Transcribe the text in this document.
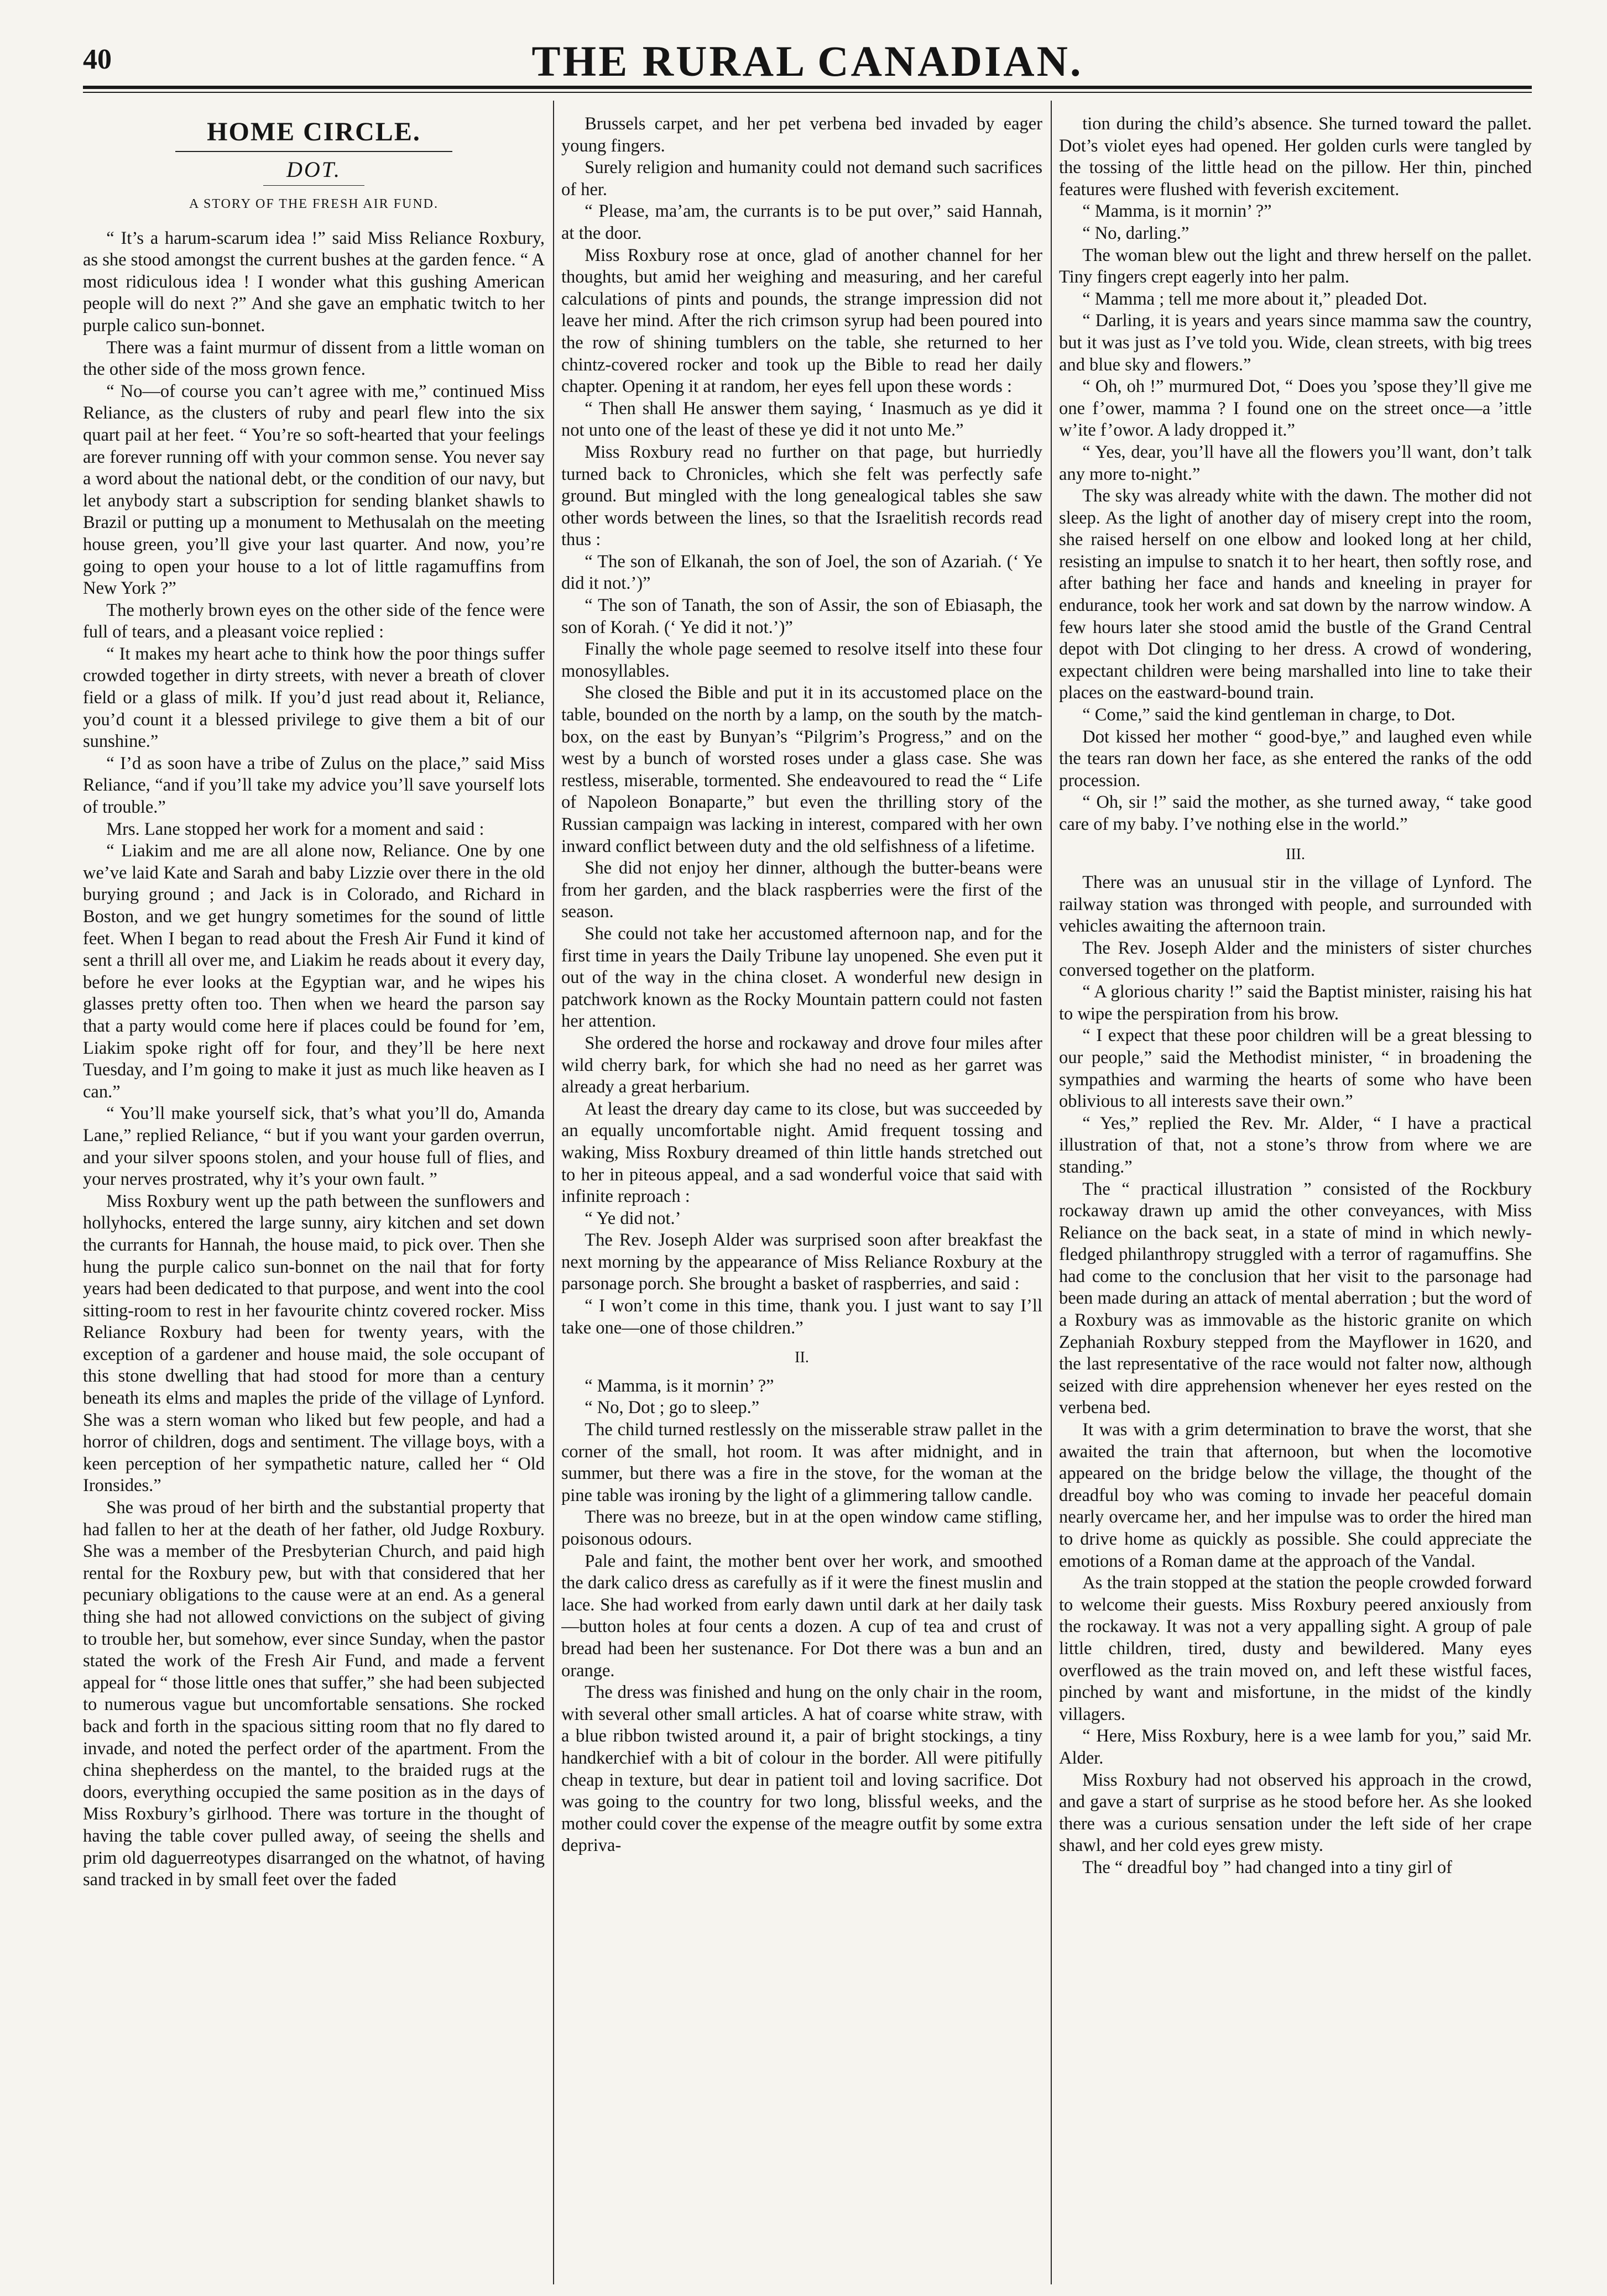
40	THE RURAL CANADIAN.
HOME CIRCLE.
DOT.
A STORY OF THE FRESH AIR FUND.

“ It’s a harum-scarum idea !” said Miss Reliance Roxbury, as she stood amongst the current bushes at the garden fence. “ A most ridiculous idea ! I wonder what this gushing American people will do next ?” And she gave an emphatic twitch to her purple calico sun-bonnet.

There was a faint murmur of dissent from a little woman on the other side of the moss grown fence.

“ No—of course you can’t agree with me,” continued Miss Reliance, as the clusters of ruby and pearl flew into the six quart pail at her feet. “ You’re so soft-hearted that your feelings are forever running off with your common sense. You never say a word about the national debt, or the condition of our navy, but let anybody start a subscription for sending blanket shawls to Brazil or putting up a monument to Methusalah on the meeting house green, you’ll give your last quarter. And now, you’re going to open your house to a lot of little ragamuffins from New York ?”

The motherly brown eyes on the other side of the fence were full of tears, and a pleasant voice replied :

“ It makes my heart ache to think how the poor things suffer crowded together in dirty streets, with never a breath of clover field or a glass of milk. If you’d just read about it, Reliance, you’d count it a blessed privilege to give them a bit of our sunshine.”

“ I’d as soon have a tribe of Zulus on the place,” said Miss Reliance, “and if you’ll take my advice you’ll save yourself lots of trouble.”

Mrs. Lane stopped her work for a moment and said :

“ Liakim and me are all alone now, Reliance. One by one we’ve laid Kate and Sarah and baby Lizzie over there in the old burying ground ; and Jack is in Colorado, and Richard in Boston, and we get hungry sometimes for the sound of little feet. When I began to read about the Fresh Air Fund it kind of sent a thrill all over me, and Liakim he reads about it every day, before he ever looks at the Egyptian war, and he wipes his glasses pretty often too. Then when we heard the parson say that a party would come here if places could be found for ’em, Liakim spoke right off for four, and they’ll be here next Tuesday, and I’m going to make it just as much like heaven as I can.”

“ You’ll make yourself sick, that’s what you’ll do, Amanda Lane,” replied Reliance, “ but if you want your garden overrun, and your silver spoons stolen, and your house full of flies, and your nerves prostrated, why it’s your own fault. ”

Miss Roxbury went up the path between the sunflowers and hollyhocks, entered the large sunny, airy kitchen and set down the currants for Hannah, the house maid, to pick over. Then she hung the purple calico sun-bonnet on the nail that for forty years had been dedicated to that purpose, and went into the cool sitting-room to rest in her favourite chintz covered rocker. Miss Reliance Roxbury had been for twenty years, with the exception of a gardener and house maid, the sole occupant of this stone dwelling that had stood for more than a century beneath its elms and maples the pride of the village of Lynford. She was a stern woman who liked but few people, and had a horror of children, dogs and sentiment. The village boys, with a keen perception of her sympathetic nature, called her “ Old Ironsides.”

She was proud of her birth and the substantial property that had fallen to her at the death of her father, old Judge Roxbury. She was a member of the Presbyterian Church, and paid high rental for the Roxbury pew, but with that considered that her pecuniary obligations to the cause were at an end. As a general thing she had not allowed convictions on the subject of giving to trouble her, but somehow, ever since Sunday, when the pastor stated the work of the Fresh Air Fund, and made a fervent appeal for “ those little ones that suffer,” she had been subjected to numerous vague but uncomfortable sensations. She rocked back and forth in the spacious sitting room that no fly dared to invade, and noted the perfect order of the apartment. From the china shepherdess on the mantel, to the braided rugs at the doors, everything occupied the same position as in the days of Miss Roxbury’s girlhood. There was torture in the thought of having the table cover pulled away, of seeing the shells and prim old daguerreotypes disarranged on the whatnot, of having sand tracked in by small feet over the faded

Brussels carpet, and her pet verbena bed invaded by eager young fingers.

Surely religion and humanity could not demand such sacrifices of her.

“ Please, ma’am, the currants is to be put over,” said Hannah, at the door.

Miss Roxbury rose at once, glad of another channel for her thoughts, but amid her weighing and measuring, and her careful calculations of pints and pounds, the strange impression did not leave her mind. After the rich crimson syrup had been poured into the row of shining tumblers on the table, she returned to her chintz-covered rocker and took up the Bible to read her daily chapter. Opening it at random, her eyes fell upon these words :

“ Then shall He answer them saying, ‘ Inasmuch as ye did it not unto one of the least of these ye did it not unto Me.”

Miss Roxbury read no further on that page, but hurriedly turned back to Chronicles, which she felt was perfectly safe ground. But mingled with the long genealogical tables she saw other words between the lines, so that the Israelitish records read thus :

“ The son of Elkanah, the son of Joel, the son of Azariah. (‘ Ye did it not.’)”

“ The son of Tanath, the son of Assir, the son of Ebiasaph, the son of Korah. (‘ Ye did it not.’)”

Finally the whole page seemed to resolve itself into these four monosyllables.

She closed the Bible and put it in its accustomed place on the table, bounded on the north by a lamp, on the south by the match-box, on the east by Bunyan’s “Pilgrim’s Progress,” and on the west by a bunch of worsted roses under a glass case. She was restless, miserable, tormented. She endeavoured to read the “ Life of Napoleon Bonaparte,” but even the thrilling story of the Russian campaign was lacking in interest, compared with her own inward conflict between duty and the old selfishness of a lifetime.

She did not enjoy her dinner, although the butter-beans were from her garden, and the black raspberries were the first of the season.

She could not take her accustomed afternoon nap, and for the first time in years the Daily Tribune lay unopened. She even put it out of the way in the china closet. A wonderful new design in patchwork known as the Rocky Mountain pattern could not fasten her attention.

She ordered the horse and rockaway and drove four miles after wild cherry bark, for which she had no need as her garret was already a great herbarium.

At least the dreary day came to its close, but was succeeded by an equally uncomfortable night. Amid frequent tossing and waking, Miss Roxbury dreamed of thin little hands stretched out to her in piteous appeal, and a sad wonderful voice that said with infinite reproach :

“ Ye did not.’

The Rev. Joseph Alder was surprised soon after breakfast the next morning by the appearance of Miss Reliance Roxbury at the parsonage porch. She brought a basket of raspberries, and said :

“ I won’t come in this time, thank you. I just want to say I’ll take one—one of those children.”

II.

“ Mamma, is it mornin’ ?”

“ No, Dot ; go to sleep.”

The child turned restlessly on the misserable straw pallet in the corner of the small, hot room. It was after midnight, and in summer, but there was a fire in the stove, for the woman at the pine table was ironing by the light of a glimmering tallow candle.

There was no breeze, but in at the open window came stifling, poisonous odours.

Pale and faint, the mother bent over her work, and smoothed the dark calico dress as carefully as if it were the finest muslin and lace. She had worked from early dawn until dark at her daily task—button holes at four cents a dozen. A cup of tea and crust of bread had been her sustenance. For Dot there was a bun and an orange.

The dress was finished and hung on the only chair in the room, with several other small articles. A hat of coarse white straw, with a blue ribbon twisted around it, a pair of bright stockings, a tiny handkerchief with a bit of colour in the border. All were pitifully cheap in texture, but dear in patient toil and loving sacrifice. Dot was going to the country for two long, blissful weeks, and the mother could cover the expense of the meagre outfit by some extra depriva-

tion during the child’s absence. She turned toward the pallet. Dot’s violet eyes had opened. Her golden curls were tangled by the tossing of the little head on the pillow. Her thin, pinched features were flushed with feverish excitement.

“ Mamma, is it mornin’ ?”

“ No, darling.”

The woman blew out the light and threw herself on the pallet. Tiny fingers crept eagerly into her palm.

“ Mamma ; tell me more about it,” pleaded Dot.

“ Darling, it is years and years since mamma saw the country, but it was just as I’ve told you. Wide, clean streets, with big trees and blue sky and flowers.”

“ Oh, oh !” murmured Dot, “ Does you ’spose they’ll give me one f’ower, mamma ? I found one on the street once—a ’ittle w’ite f’owor. A lady dropped it.”

“ Yes, dear, you’ll have all the flowers you’ll want, don’t talk any more to-night.”

The sky was already white with the dawn. The mother did not sleep. As the light of another day of misery crept into the room, she raised herself on one elbow and looked long at her child, resisting an impulse to snatch it to her heart, then softly rose, and after bathing her face and hands and kneeling in prayer for endurance, took her work and sat down by the narrow window. A few hours later she stood amid the bustle of the Grand Central depot with Dot clinging to her dress. A crowd of wondering, expectant children were being marshalled into line to take their places on the eastward-bound train.

“ Come,” said the kind gentleman in charge, to Dot.

Dot kissed her mother “ good-bye,” and laughed even while the tears ran down her face, as she entered the ranks of the odd procession.

“ Oh, sir !” said the mother, as she turned away, “ take good care of my baby. I’ve nothing else in the world.”

III.

There was an unusual stir in the village of Lynford. The railway station was thronged with people, and surrounded with vehicles awaiting the afternoon train.

The Rev. Joseph Alder and the ministers of sister churches conversed together on the platform.

“ A glorious charity !” said the Baptist minister, raising his hat to wipe the perspiration from his brow.

“ I expect that these poor children will be a great blessing to our people,” said the Methodist minister, “ in broadening the sympathies and warming the hearts of some who have been oblivious to all interests save their own.”

“ Yes,” replied the Rev. Mr. Alder, “ I have a practical illustration of that, not a stone’s throw from where we are standing.”

The “ practical illustration ” consisted of the Rockbury rockaway drawn up amid the other conveyances, with Miss Reliance on the back seat, in a state of mind in which newly-fledged philanthropy struggled with a terror of ragamuffins. She had come to the conclusion that her visit to the parsonage had been made during an attack of mental aberration ; but the word of a Roxbury was as immovable as the historic granite on which Zephaniah Roxbury stepped from the Mayflower in 1620, and the last representative of the race would not falter now, although seized with dire apprehension whenever her eyes rested on the verbena bed.

It was with a grim determination to brave the worst, that she awaited the train that afternoon, but when the locomotive appeared on the bridge below the village, the thought of the dreadful boy who was coming to invade her peaceful domain nearly overcame her, and her impulse was to order the hired man to drive home as quickly as possible. She could appreciate the emotions of a Roman dame at the approach of the Vandal.

As the train stopped at the station the people crowded forward to welcome their guests. Miss Roxbury peered anxiously from the rockaway. It was not a very appalling sight. A group of pale little children, tired, dusty and bewildered. Many eyes overflowed as the train moved on, and left these wistful faces, pinched by want and misfortune, in the midst of the kindly villagers.

“ Here, Miss Roxbury, here is a wee lamb for you,” said Mr. Alder.

Miss Roxbury had not observed his approach in the crowd, and gave a start of surprise as he stood before her. As she looked there was a curious sensation under the left side of her crape shawl, and her cold eyes grew misty.

The “ dreadful boy ” had changed into a tiny girl of
